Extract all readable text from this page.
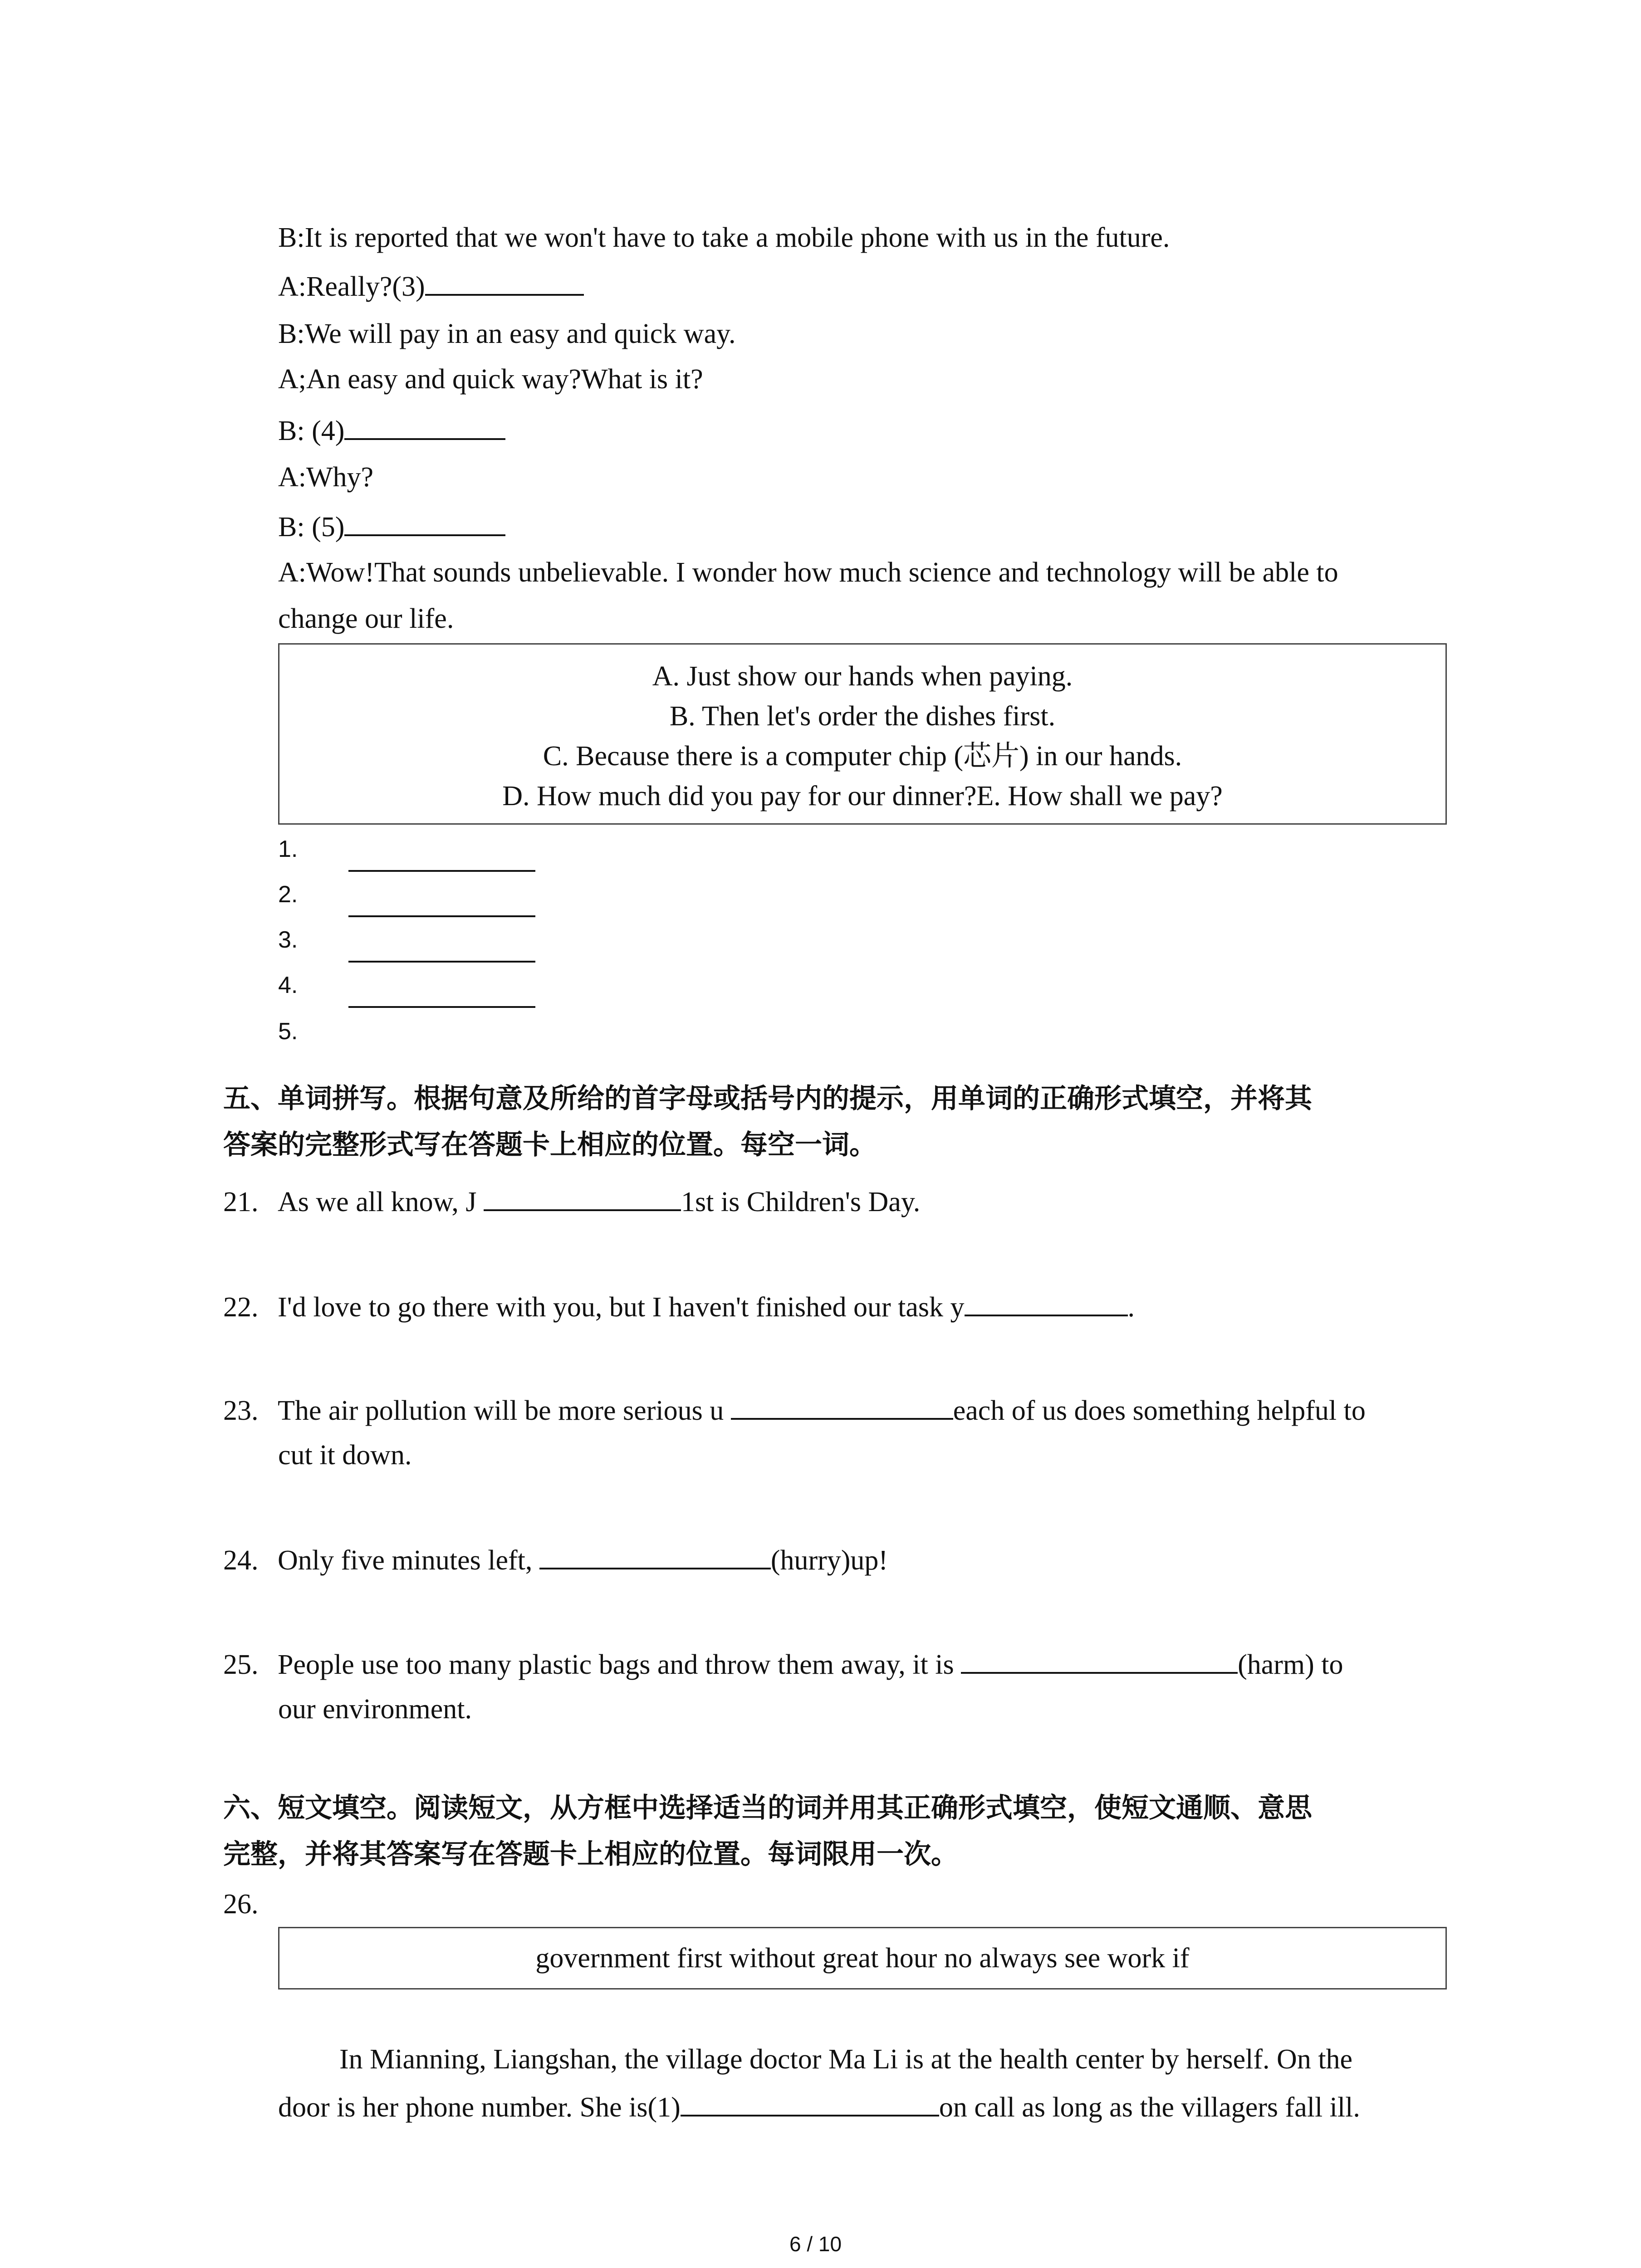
B:It is reported that we won't have to take a mobile phone with us in the future.
A:Really?(3)
B:We will pay in an easy and quick way.
A;An easy and quick way?What is it?
B: (4)
A:Why?
B: (5)
A:Wow!That sounds unbelievable. I wonder how much science and technology will be able to
change our life.
A. Just show our hands when paying.
B. Then let's order the dishes first.
C. Because there is a computer chip (芯片) in our hands.
D. How much did you pay for our dinner?E. How shall we pay?
1.
2.
3.
4.
5.
五、单词拼写。根据句意及所给的首字母或括号内的提示，用单词的正确形式填空，并将其
答案的完整形式写在答题卡上相应的位置。每空一词。
21. As we all know, J	1st is Children's Day.
22. I'd love to go there with you, but I haven't finished our task y	.
23. The air pollution will be more serious u	each of us does something helpful to
cut it down.
24. Only five minutes left,	(hurry)up!
25. People use too many plastic bags and throw them away, it is	(harm) to
our environment.
六、短文填空。阅读短文，从方框中选择适当的词并用其正确形式填空，使短文通顺、意思
完整，并将其答案写在答题卡上相应的位置。每词限用一次。
26.
government first without great hour no always see work if
In Mianning, Liangshan, the village doctor Ma Li is at the health center by herself. On the
door is her phone number. She is(1)	on call as long as the villagers fall ill.
6 / 10
